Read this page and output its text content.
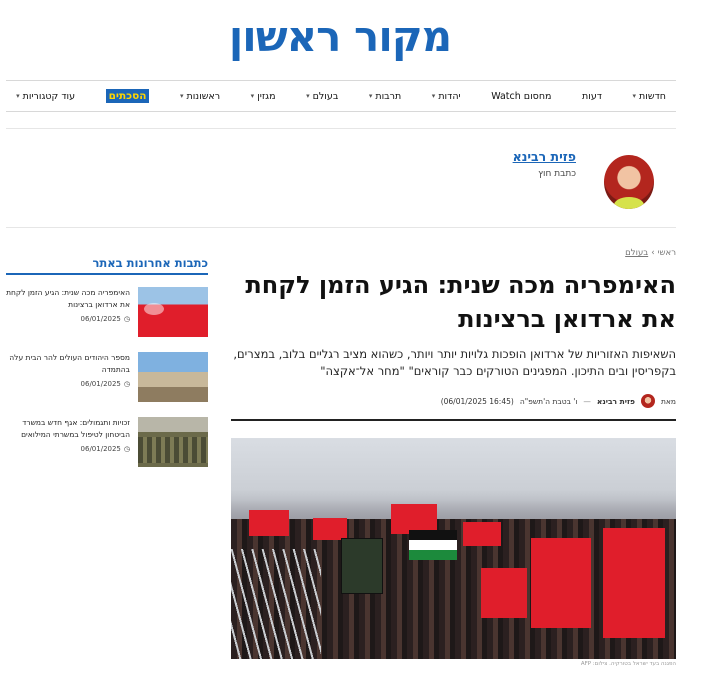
מקור ראשון
חדשות
▾
דעות
מחסום Watch
יהדות
▾
תרבות
▾
בעולם
▾
מגזין
▾
ראשונות
▾
הסכתים
עוד קטגוריות
▾
פזית רבינא
כתבת חוץ
ראשי
›
בעולם
האימפריה מכה שנית: הגיע הזמן לקחת את ארדואן ברצינות

השאיפות האזוריות של ארדואן הופכות גלויות יותר ויותר, כשהוא מציב רגליים בלוב, במצרים, בקפריסין ובים התיכון. המפגינים הטורקים כבר קוראים" "מחר אל־אקצה"

מאת
פזית רבינא
—
ו' בטבת ה'תשפ"ה
(16:45 06/01/2025)
הפגנה בעד ישראל בטורקיה. צילום: AFP
כתבות אחרונות באתר
האימפריה מכה שנית: הגיע הזמן לקחת את ארדואן ברצינות
06/01/2025 ◷
מספר היהודים העולים להר הבית עלה בהתמדה
06/01/2025 ◷
זכויות ותגמולים: אגף חדש במשרד הביטחון לטיפול במשרתי המילואים
06/01/2025 ◷
